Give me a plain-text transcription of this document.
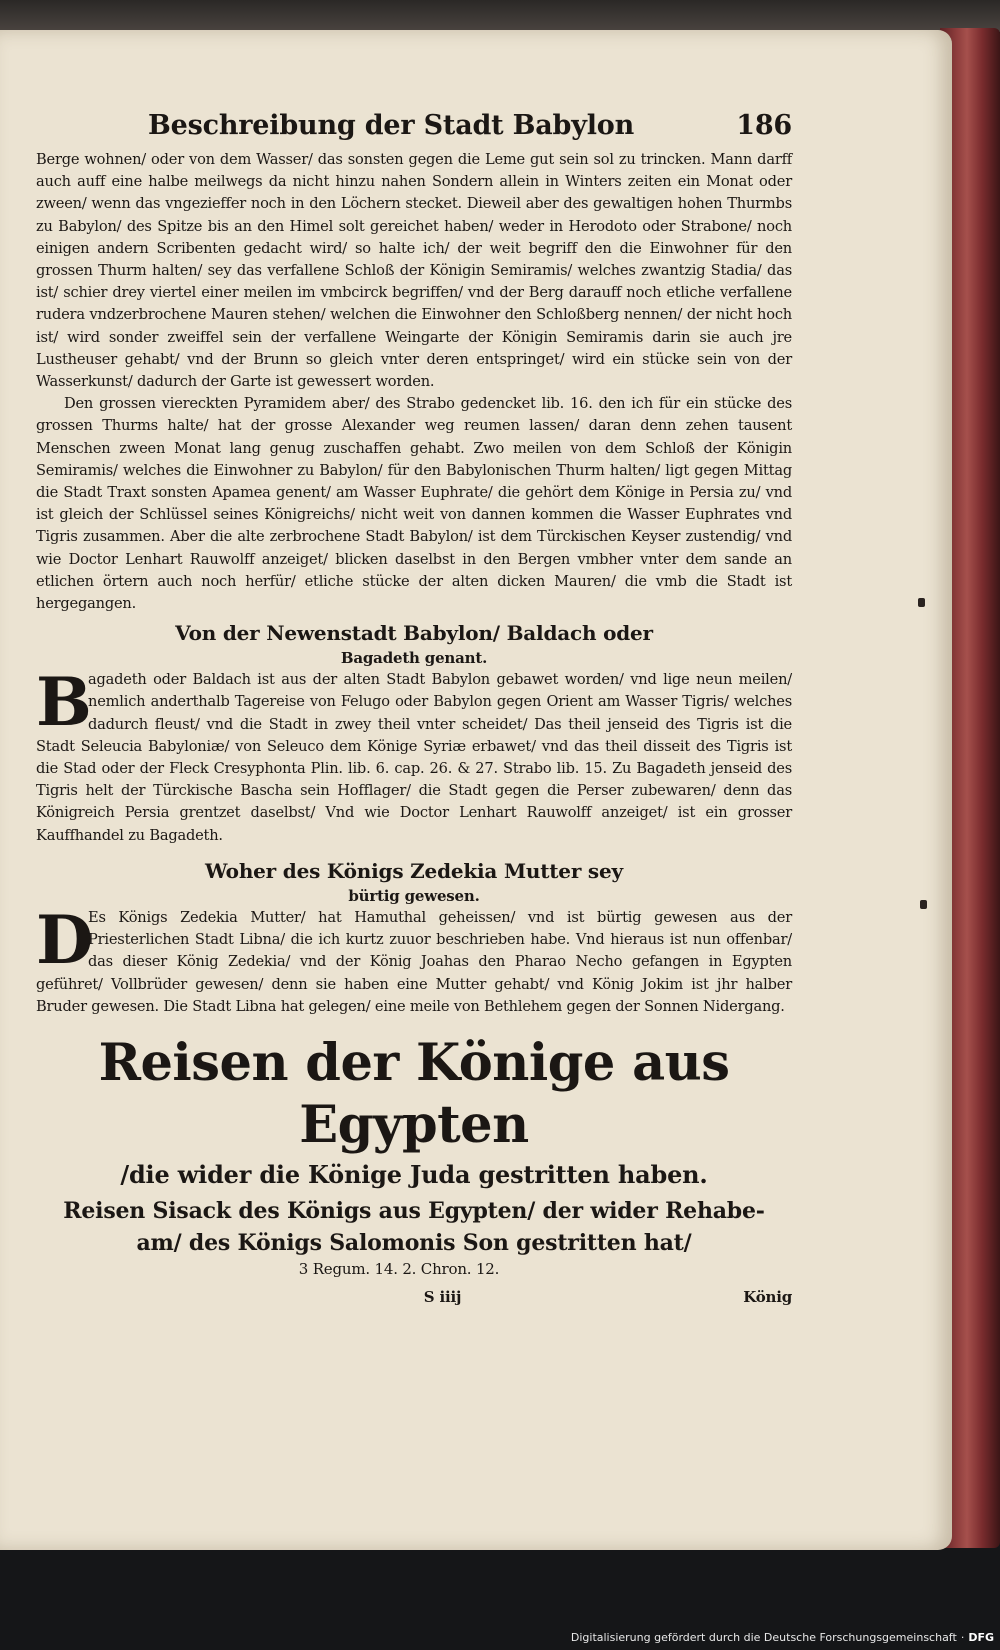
Beschreibung der Stadt Babylon	186

Berge wohnen/ oder von dem Wasser/ das sonsten gegen die Leme gut sein sol zu trincken. Mann darff auch auff eine halbe meilwegs da nicht hinzu nahen Sondern allein in Winters zeiten ein Monat oder zween/ wenn das vngezieffer noch in den Löchern stecket. Dieweil aber des gewaltigen hohen Thurmbs zu Babylon/ des Spitze bis an den Himel solt gereichet haben/ weder in Herodoto oder Strabone/ noch einigen andern Scribenten gedacht wird/ so halte ich/ der weit begriff den die Einwohner für den grossen Thurm halten/ sey das verfallene Schloß der Königin Semiramis/ welches zwantzig Stadia/ das ist/ schier drey viertel einer meilen im vmbcirck begriffen/ vnd der Berg darauff noch etliche verfallene rudera vndzerbrochene Mauren stehen/ welchen die Einwohner den Schloßberg nennen/ der nicht hoch ist/ wird sonder zweiffel sein der verfallene Weingarte der Königin Semiramis darin sie auch jre Lustheuser gehabt/ vnd der Brunn so gleich vnter deren entspringet/ wird ein stücke sein von der Wasserkunst/ dadurch der Garte ist gewessert worden.

Den grossen viereckten Pyramidem aber/ des Strabo gedencket lib. 16. den ich für ein stücke des grossen Thurms halte/ hat der grosse Alexander weg reumen lassen/ daran denn zehen tausent Menschen zween Monat lang genug zuschaffen gehabt. Zwo meilen von dem Schloß der Königin Semiramis/ welches die Einwohner zu Babylon/ für den Babylonischen Thurm halten/ ligt gegen Mittag die Stadt Traxt sonsten Apamea genent/ am Wasser Euphrate/ die gehört dem Könige in Persia zu/ vnd ist gleich der Schlüssel seines Königreichs/ nicht weit von dannen kommen die Wasser Euphrates vnd Tigris zusammen. Aber die alte zerbrochene Stadt Babylon/ ist dem Türckischen Keyser zustendig/ vnd wie Doctor Lenhart Rauwolff anzeiget/ blicken daselbst in den Bergen vmbher vnter dem sande an etlichen örtern auch noch herfür/ etliche stücke der alten dicken Mauren/ die vmb die Stadt ist hergegangen.

Von der Newenstadt Babylon/ Baldach oder

Bagadeth genant.

B
agadeth oder Baldach ist aus der alten Stadt Babylon gebawet worden/ vnd lige neun meilen/ nemlich anderthalb Tagereise von Felugo oder Babylon gegen Orient am Wasser Tigris/ welches dadurch fleust/ vnd die Stadt in zwey theil vnter scheidet/ Das theil jenseid des Tigris ist die Stadt Seleucia Babyloniæ/ von Seleuco dem Könige Syriæ erbawet/ vnd das theil disseit des Tigris ist die Stad oder der Fleck Cresyphonta Plin. lib. 6. cap. 26. & 27. Strabo lib. 15. Zu Bagadeth jenseid des Tigris helt der Türckische Bascha sein Hofflager/ die Stadt gegen die Perser zubewaren/ denn das Königreich Persia grentzet daselbst/ Vnd wie Doctor Lenhart Rauwolff anzeiget/ ist ein grosser Kauffhandel zu Bagadeth.

Woher des Königs Zedekia Mutter sey

bürtig gewesen.

D
Es Königs Zedekia Mutter/ hat Hamuthal geheissen/ vnd ist bürtig gewesen aus der Priesterlichen Stadt Libna/ die ich kurtz zuuor beschrieben habe. Vnd hieraus ist nun offenbar/ das dieser König Zedekia/ vnd der König Joahas den Pharao Necho gefangen in Egypten geführet/ Vollbrüder gewesen/ denn sie haben eine Mutter gehabt/ vnd König Jokim ist jhr halber Bruder gewesen. Die Stadt Libna hat gelegen/ eine meile von Bethlehem gegen der Sonnen Nidergang.

Reisen der Könige aus Egypten

/die wider die Könige Juda gestritten haben.

Reisen Sisack des Königs aus Egypten/ der wider Rehabe-

am/ des Königs Salomonis Son gestritten hat/

3 Regum. 14. 2. Chron. 12.

S iiij	König
Digitalisierung gefördert durch die Deutsche Forschungsgemeinschaft · DFG
